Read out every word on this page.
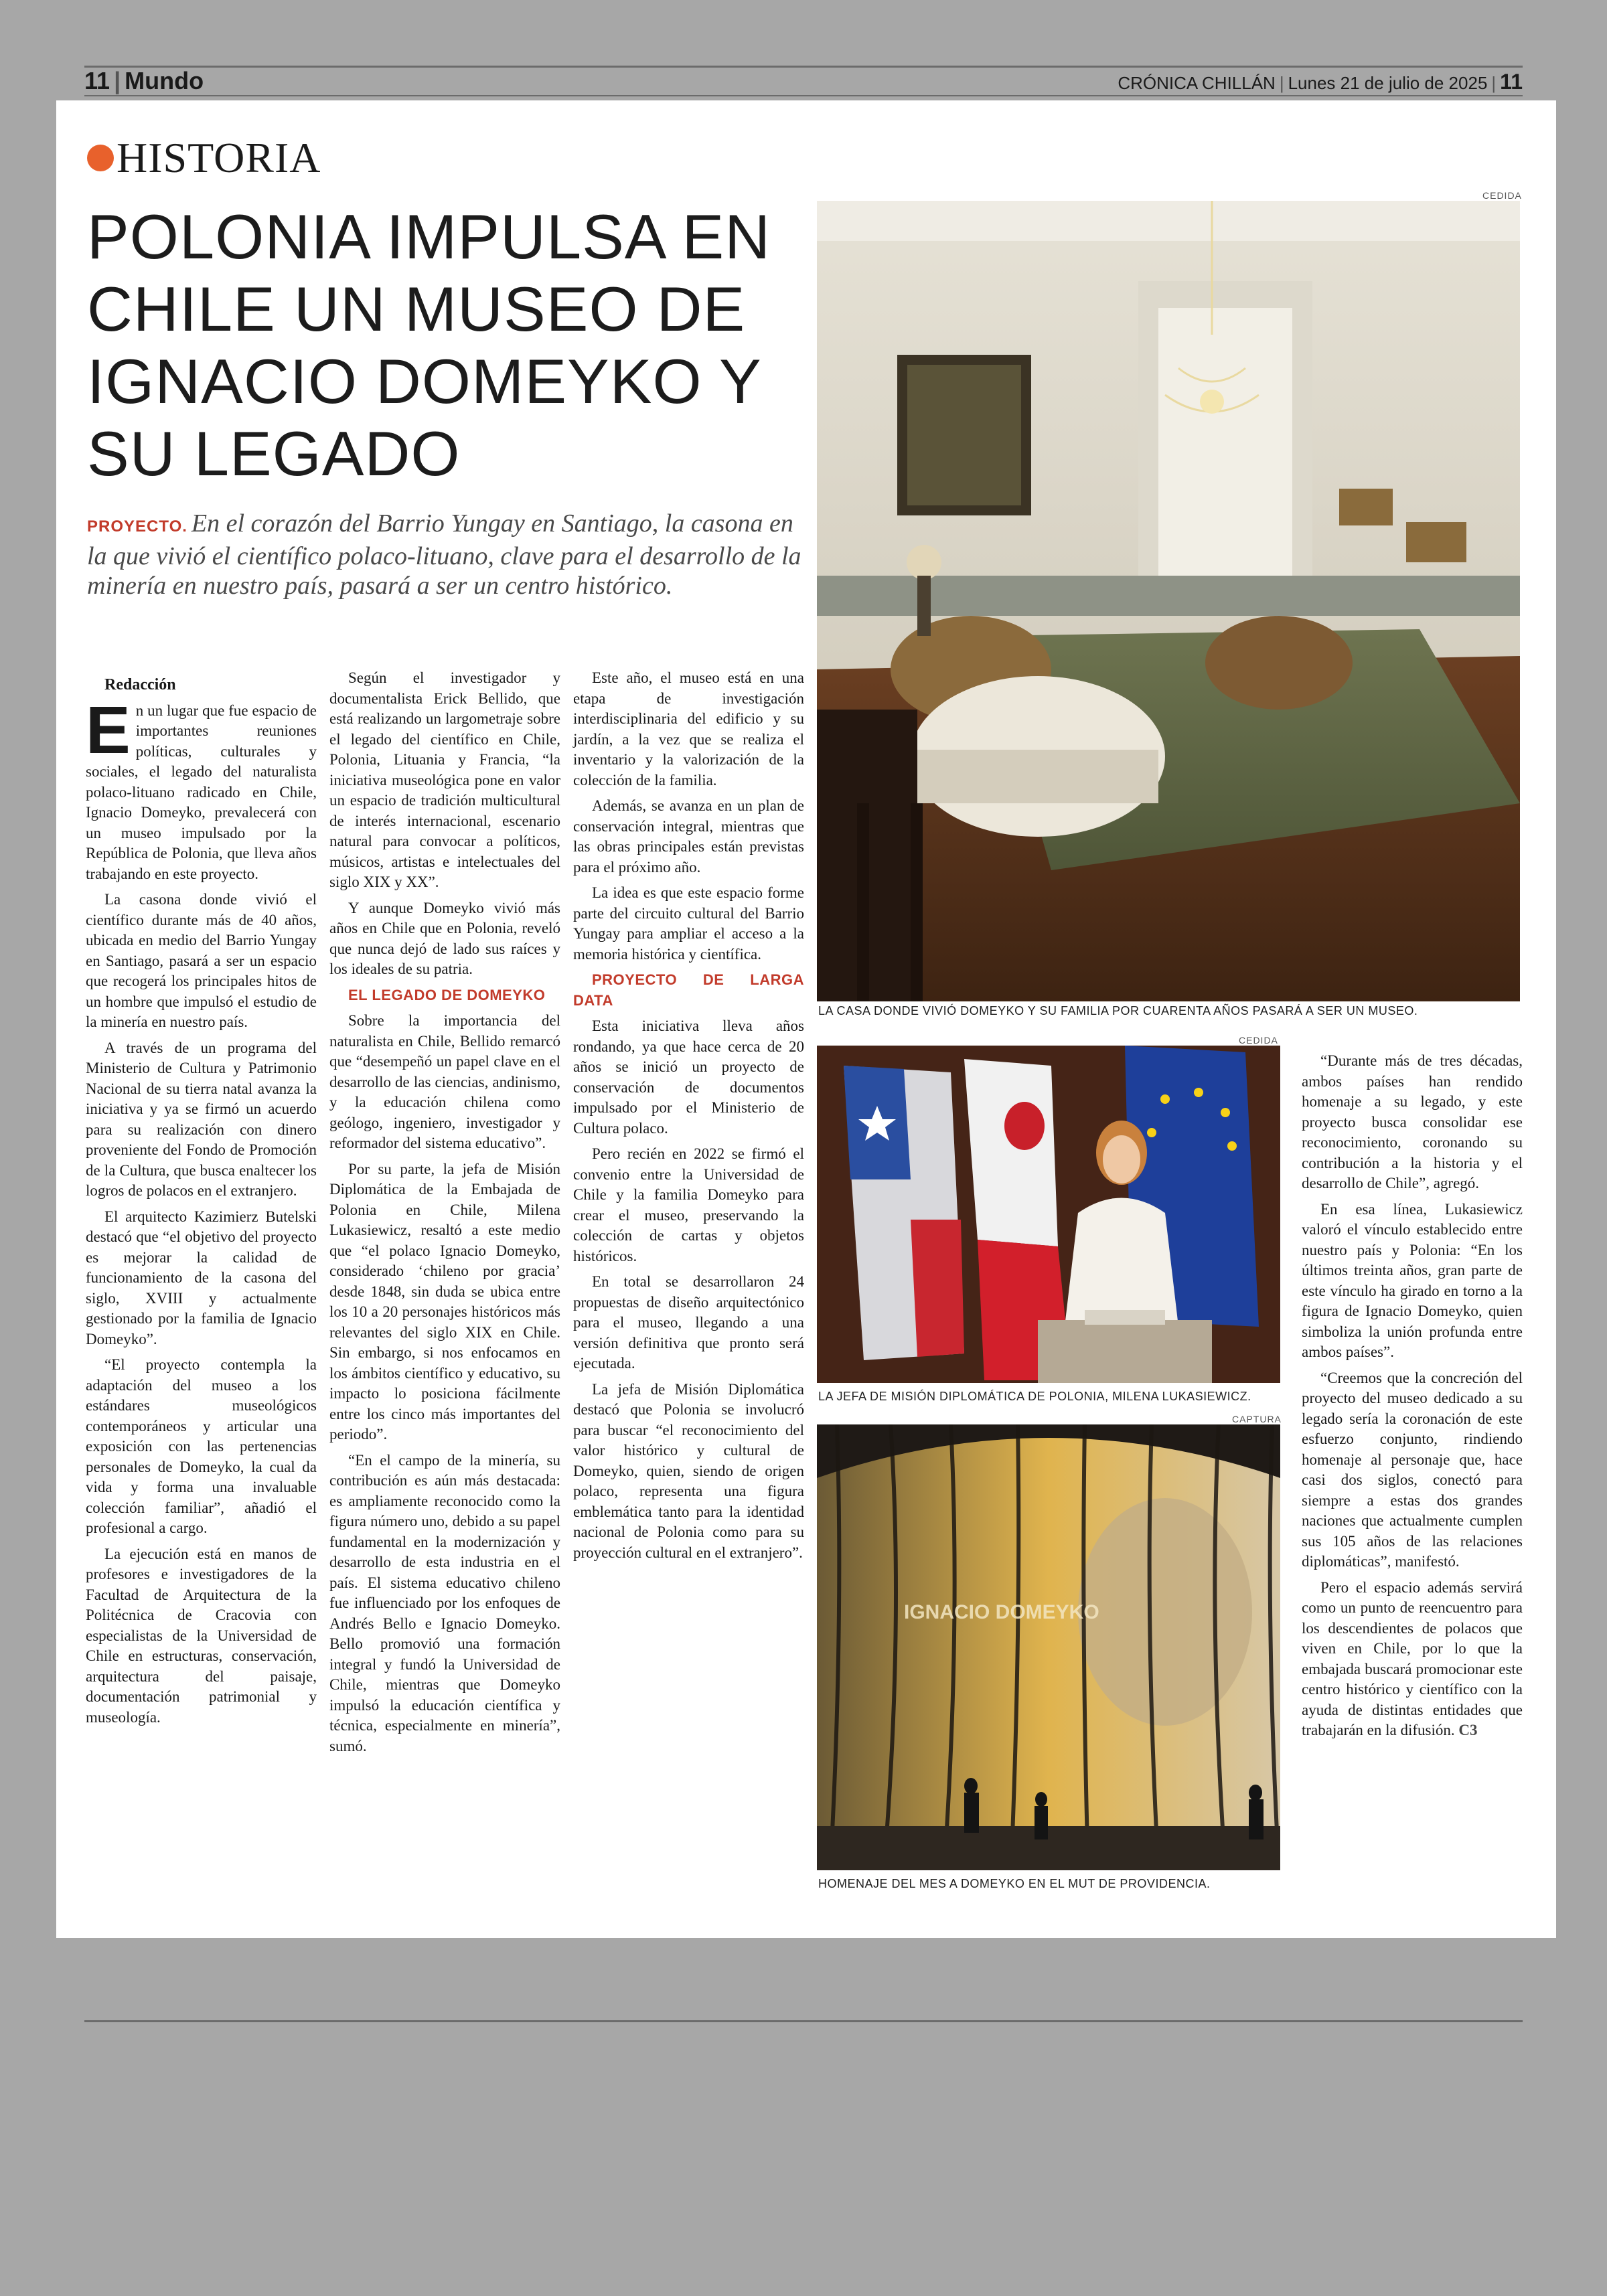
11 | Mundo	CRÓNICA CHILLÁN | Lunes 21 de julio de 2025 | 11
HISTORIA
POLONIA IMPULSA EN CHILE UN MUSEO DE IGNACIO DOMEYKO Y SU LEGADO

PROYECTO. En el corazón del Barrio Yungay en Santiago, la casona en la que vivió el científico polaco-lituano, clave para el desarrollo de la minería en nuestro país, pasará a ser un centro histórico.

Redacción

En un lugar que fue espacio de importantes reuniones políticas, culturales y sociales, el legado del naturalista polaco-lituano radicado en Chile, Ignacio Domeyko, prevalecerá con un museo impulsado por la República de Polonia, que lleva años trabajando en este proyecto.

La casona donde vivió el científico durante más de 40 años, ubicada en medio del Barrio Yungay en Santiago, pasará a ser un espacio que recogerá los principales hitos de un hombre que impulsó el estudio de la minería en nuestro país.

A través de un programa del Ministerio de Cultura y Patrimonio Nacional de su tierra natal avanza la iniciativa y ya se firmó un acuerdo para su realización con dinero proveniente del Fondo de Promoción de la Cultura, que busca enaltecer los logros de polacos en el extranjero.

El arquitecto Kazimierz Butelski destacó que “el objetivo del proyecto es mejorar la calidad de funcionamiento de la casona del siglo, XVIII y actualmente gestionado por la familia de Ignacio Domeyko”.

“El proyecto contempla la adaptación del museo a los estándares museológicos contemporáneos y articular una exposición con las pertenencias personales de Domeyko, la cual da vida y forma una invaluable colección familiar”, añadió el profesional a cargo.

La ejecución está en manos de profesores e investigadores de la Facultad de Arquitectura de la Politécnica de Cracovia con especialistas de la Universidad de Chile en estructuras, conservación, arquitectura del paisaje, documentación patrimonial y museología.

Según el investigador y documentalista Erick Bellido, que está realizando un largometraje sobre el legado del científico en Chile, Polonia, Lituania y Francia, “la iniciativa museológica pone en valor un espacio de tradición multicultural de interés internacional, escenario natural para convocar a políticos, músicos, artistas e intelectuales del siglo XIX y XX”.

Y aunque Domeyko vivió más años en Chile que en Polonia, reveló que nunca dejó de lado sus raíces y los ideales de su patria.

EL LEGADO DE DOMEYKO

Sobre la importancia del naturalista en Chile, Bellido remarcó que “desempeñó un papel clave en el desarrollo de las ciencias, andinismo, y la educación chilena como geólogo, ingeniero, investigador y reformador del sistema educativo”.

Por su parte, la jefa de Misión Diplomática de la Embajada de Polonia en Chile, Milena Lukasiewicz, resaltó a este medio que “el polaco Ignacio Domeyko, considerado ‘chileno por gracia’ desde 1848, sin duda se ubica entre los 10 a 20 personajes históricos más relevantes del siglo XIX en Chile. Sin embargo, si nos enfocamos en los ámbitos científico y educativo, su impacto lo posiciona fácilmente entre los cinco más importantes del periodo”.

“En el campo de la minería, su contribución es aún más destacada: es ampliamente reconocido como la figura número uno, debido a su papel fundamental en la modernización y desarrollo de esta industria en el país. El sistema educativo chileno fue influenciado por los enfoques de Andrés Bello e Ignacio Domeyko. Bello promovió una formación integral y fundó la Universidad de Chile, mientras que Domeyko impulsó la educación científica y técnica, especialmente en minería”, sumó.

Este año, el museo está en una etapa de investigación interdisciplinaria del edificio y su jardín, a la vez que se realiza el inventario y la valorización de la colección de la familia.

Además, se avanza en un plan de conservación integral, mientras que las obras principales están previstas para el próximo año.

La idea es que este espacio forme parte del circuito cultural del Barrio Yungay para ampliar el acceso a la memoria histórica y científica.

PROYECTO DE LARGA DATA

Esta iniciativa lleva años rondando, ya que hace cerca de 20 años se inició un proyecto de conservación de documentos impulsado por el Ministerio de Cultura polaco.

Pero recién en 2022 se firmó el convenio entre la Universidad de Chile y la familia Domeyko para crear el museo, preservando la colección de cartas y objetos históricos.

En total se desarrollaron 24 propuestas de diseño arquitectónico para el museo, llegando a una versión definitiva que pronto será ejecutada.

La jefa de Misión Diplomática destacó que Polonia se involucró para buscar “el reconocimiento del valor histórico y cultural de Domeyko, quien, siendo de origen polaco, representa una figura emblemática tanto para la identidad nacional de Polonia como para su proyección cultural en el extranjero”.

“Durante más de tres décadas, ambos países han rendido homenaje a su legado, y este proyecto busca consolidar ese reconocimiento, coronando su contribución a la historia y el desarrollo de Chile”, agregó.

En esa línea, Lukasiewicz valoró el vínculo establecido entre nuestro país y Polonia: “En los últimos treinta años, gran parte de este vínculo ha girado en torno a la figura de Ignacio Domeyko, quien simboliza la unión profunda entre ambos países”.

“Creemos que la concreción del proyecto del museo dedicado a su legado sería la coronación de este esfuerzo conjunto, rindiendo homenaje al personaje que, hace casi dos siglos, conectó para siempre a estas dos grandes naciones que actualmente cumplen sus 105 años de las relaciones diplomáticas”, manifestó.

Pero el espacio además servirá como un punto de reencuentro para los descendientes de polacos que viven en Chile, por lo que la embajada buscará promocionar este centro histórico y científico con la ayuda de distintas entidades que trabajarán en la difusión. C3

CEDIDA

LA CASA DONDE VIVIÓ DOMEYKO Y SU FAMILIA POR CUARENTA AÑOS PASARÁ A SER UN MUSEO.

CEDIDA

LA JEFA DE MISIÓN DIPLOMÁTICA DE POLONIA, MILENA LUKASIEWICZ.

CAPTURA
IGNACIO DOMEYKO

HOMENAJE DEL MES A DOMEYKO EN EL MUT DE PROVIDENCIA.
